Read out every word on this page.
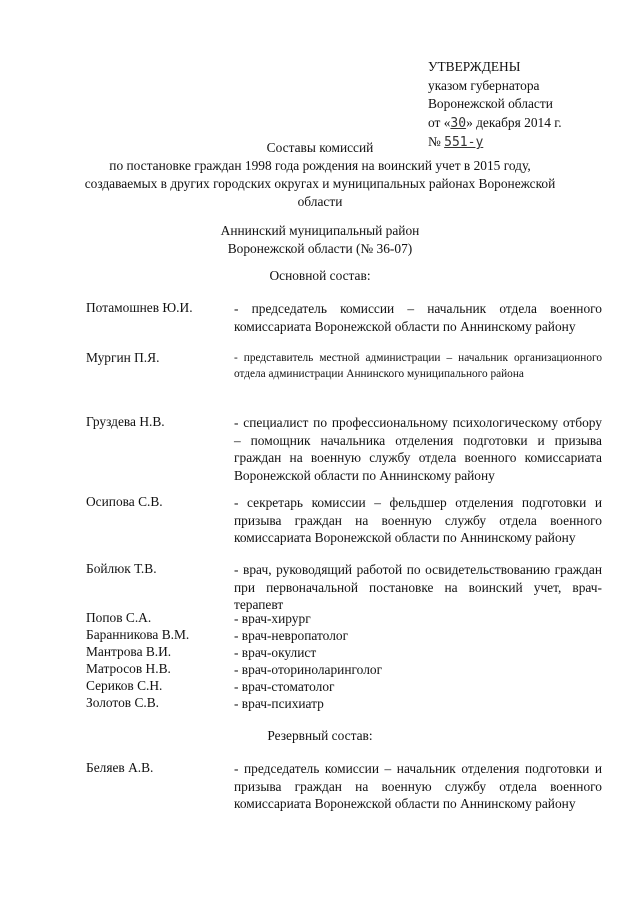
УТВЕРЖДЕНЫ
указом губернатора
Воронежской области
от «30» декабря 2014 г.
№ 551-у
Составы комиссий
по постановке граждан 1998 года рождения на воинский учет в 2015 году,
создаваемых в других городских округах и муниципальных районах Воронежской
области
Аннинский муниципальный район
Воронежской области (№ 36-07)
Основной состав:
Потамошнев Ю.И.	- председатель комиссии – начальник отдела военного комиссариата Воронежской области по Аннинскому району
Мургин П.Я.	- представитель местной администрации – начальник организационного отдела администрации Аннинского муниципального района
Груздева Н.В.	- специалист по профессиональному психологическому отбору – помощник начальника отделения подготовки и призыва граждан на военную службу отдела военного комиссариата Воронежской области по Аннинскому району
Осипова С.В.	- секретарь комиссии – фельдшер отделения подготовки и призыва граждан на военную службу отдела военного комиссариата Воронежской области по Аннинскому району
Бойлюк Т.В.	- врач, руководящий работой по освидетельствованию граждан при первоначальной постановке на воинский учет, врач-терапевт
Попов С.А.	- врач-хирург
Баранникова В.М.	- врач-невропатолог
Мантрова В.И.	- врач-окулист
Матросов Н.В.	- врач-оториноларинголог
Сериков С.Н.	- врач-стоматолог
Золотов С.В.	- врач-психиатр
Резервный состав:
Беляев А.В.	- председатель комиссии – начальник отделения подготовки и призыва граждан на военную службу отдела военного комиссариата Воронежской области по Аннинскому району
